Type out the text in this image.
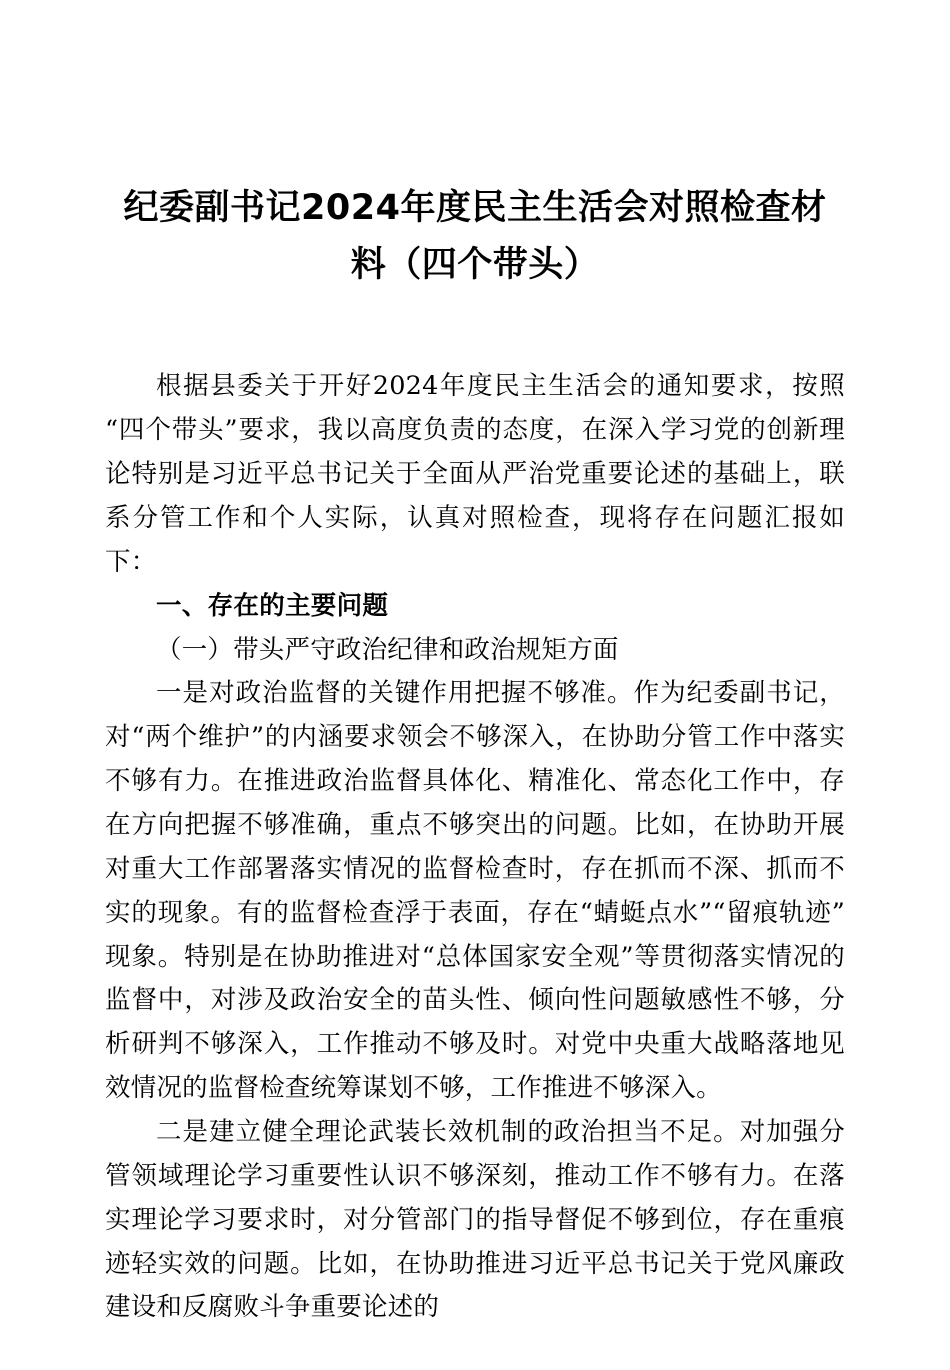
纪委副书记2024年度民主生活会对照检查材料（四个带头）

根据县委关于开好2024年度民主生活会的通知要求，按照“四个带头”要求，我以高度负责的态度，在深入学习党的创新理论特别是习近平总书记关于全面从严治党重要论述的基础上，联系分管工作和个人实际，认真对照检查，现将存在问题汇报如下：

一、存在的主要问题

（一）带头严守政治纪律和政治规矩方面

一是对政治监督的关键作用把握不够准。作为纪委副书记，对“两个维护”的内涵要求领会不够深入，在协助分管工作中落实不够有力。在推进政治监督具体化、精准化、常态化工作中，存在方向把握不够准确，重点不够突出的问题。比如，在协助开展对重大工作部署落实情况的监督检查时，存在抓而不深、抓而不实的现象。有的监督检查浮于表面，存在“蜻蜓点水”“留痕轨迹”现象。特别是在协助推进对“总体国家安全观”等贯彻落实情况的监督中，对涉及政治安全的苗头性、倾向性问题敏感性不够，分析研判不够深入，工作推动不够及时。对党中央重大战略落地见效情况的监督检查统筹谋划不够，工作推进不够深入。

二是建立健全理论武装长效机制的政治担当不足。对加强分管领域理论学习重要性认识不够深刻，推动工作不够有力。在落实理论学习要求时，对分管部门的指导督促不够到位，存在重痕迹轻实效的问题。比如，在协助推进习近平总书记关于党风廉政建设和反腐败斗争重要论述的
